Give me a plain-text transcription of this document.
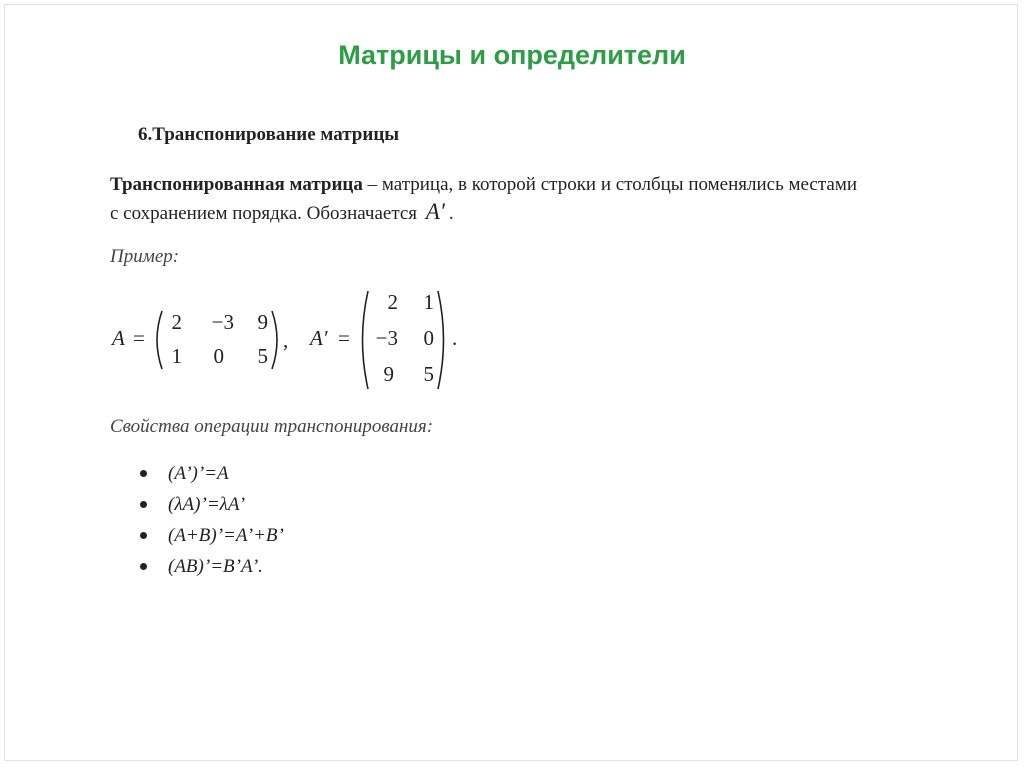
Матрицы и определители
6.Транспонирование матрицы
Транспонированная матрица – матрица, в которой строки и столбцы поменялись местами с сохранением порядка. Обозначается A′ .
Пример:
A =
2	−3	9
1	0	5
, A′ =
2	1
−3	0
9	5
.
Свойства операции транспонирования:
(A’)’=A
(λA)’=λA’
(A+B)’=A’+B’
(AB)’=B’A’.
